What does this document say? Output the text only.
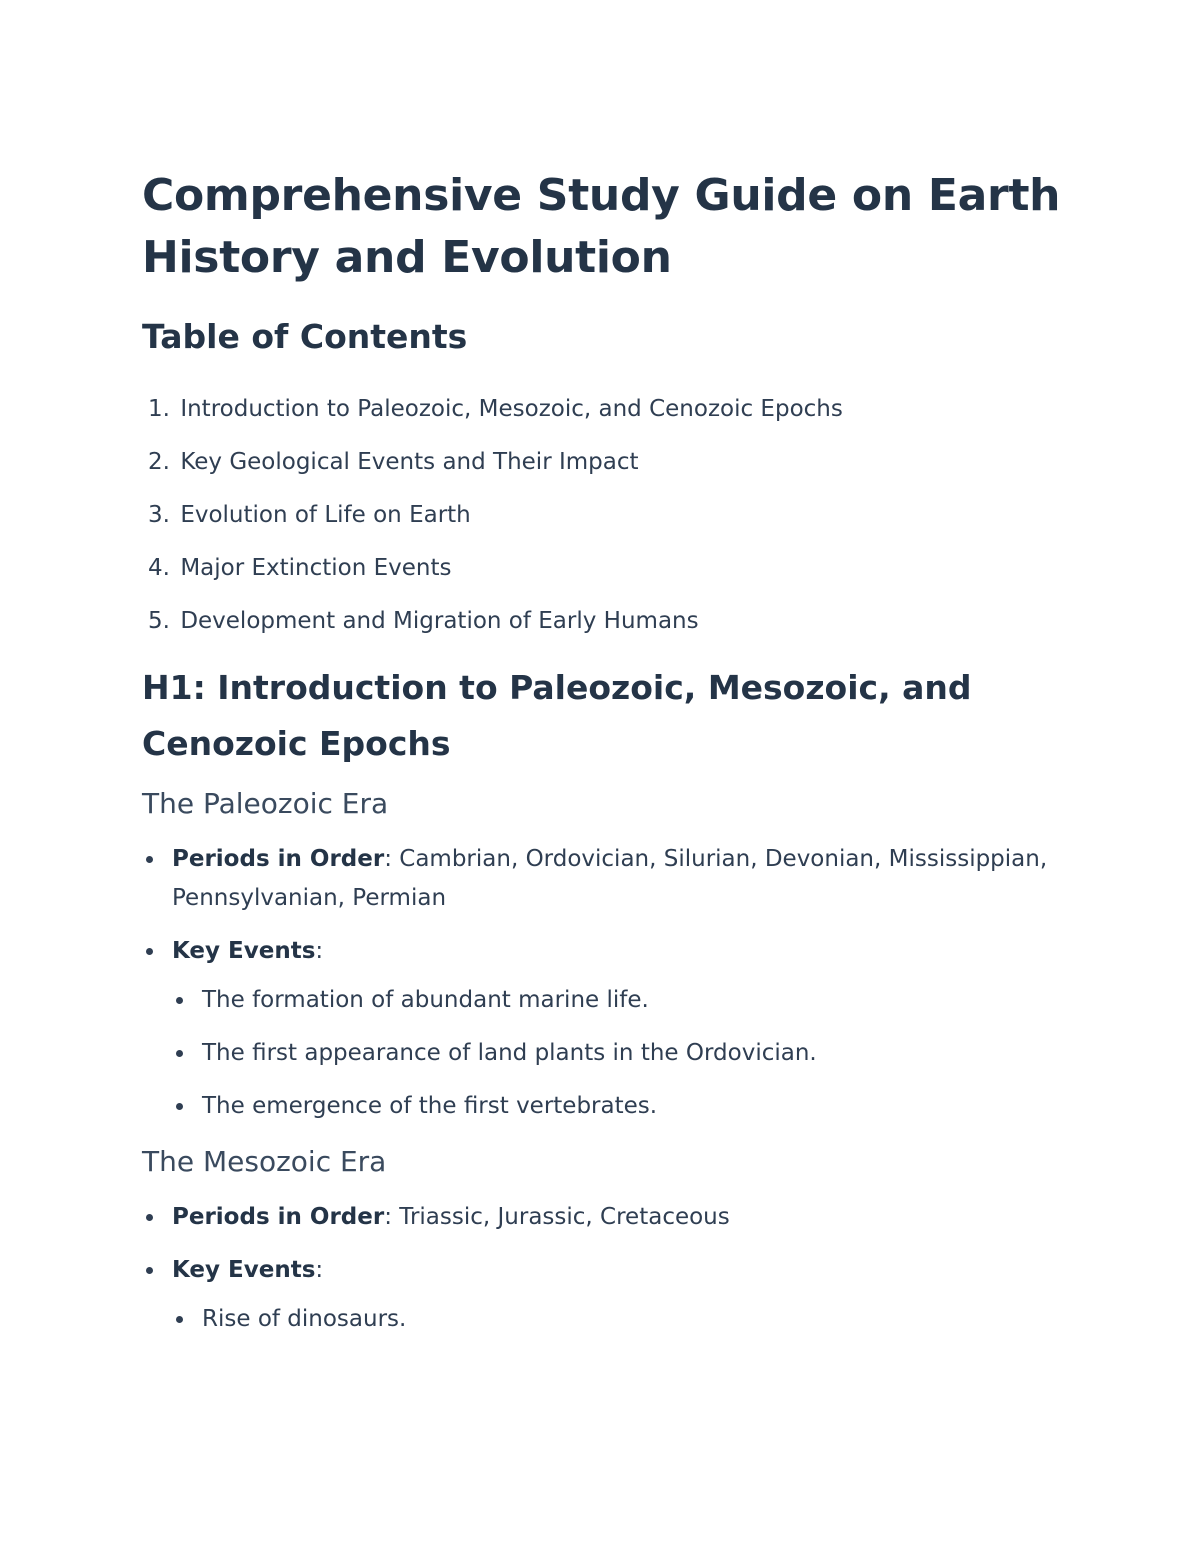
Comprehensive Study Guide on Earth History and Evolution
Table of Contents
1. Introduction to Paleozoic, Mesozoic, and Cenozoic Epochs
2. Key Geological Events and Their Impact
3. Evolution of Life on Earth
4. Major Extinction Events
5. Development and Migration of Early Humans
H1: Introduction to Paleozoic, Mesozoic, and Cenozoic Epochs
The Paleozoic Era
Periods in Order: Cambrian, Ordovician, Silurian, Devonian, Mississippian, Pennsylvanian, Permian
Key Events:
The formation of abundant marine life.
The first appearance of land plants in the Ordovician.
The emergence of the first vertebrates.
The Mesozoic Era
Periods in Order: Triassic, Jurassic, Cretaceous
Key Events:
Rise of dinosaurs.
